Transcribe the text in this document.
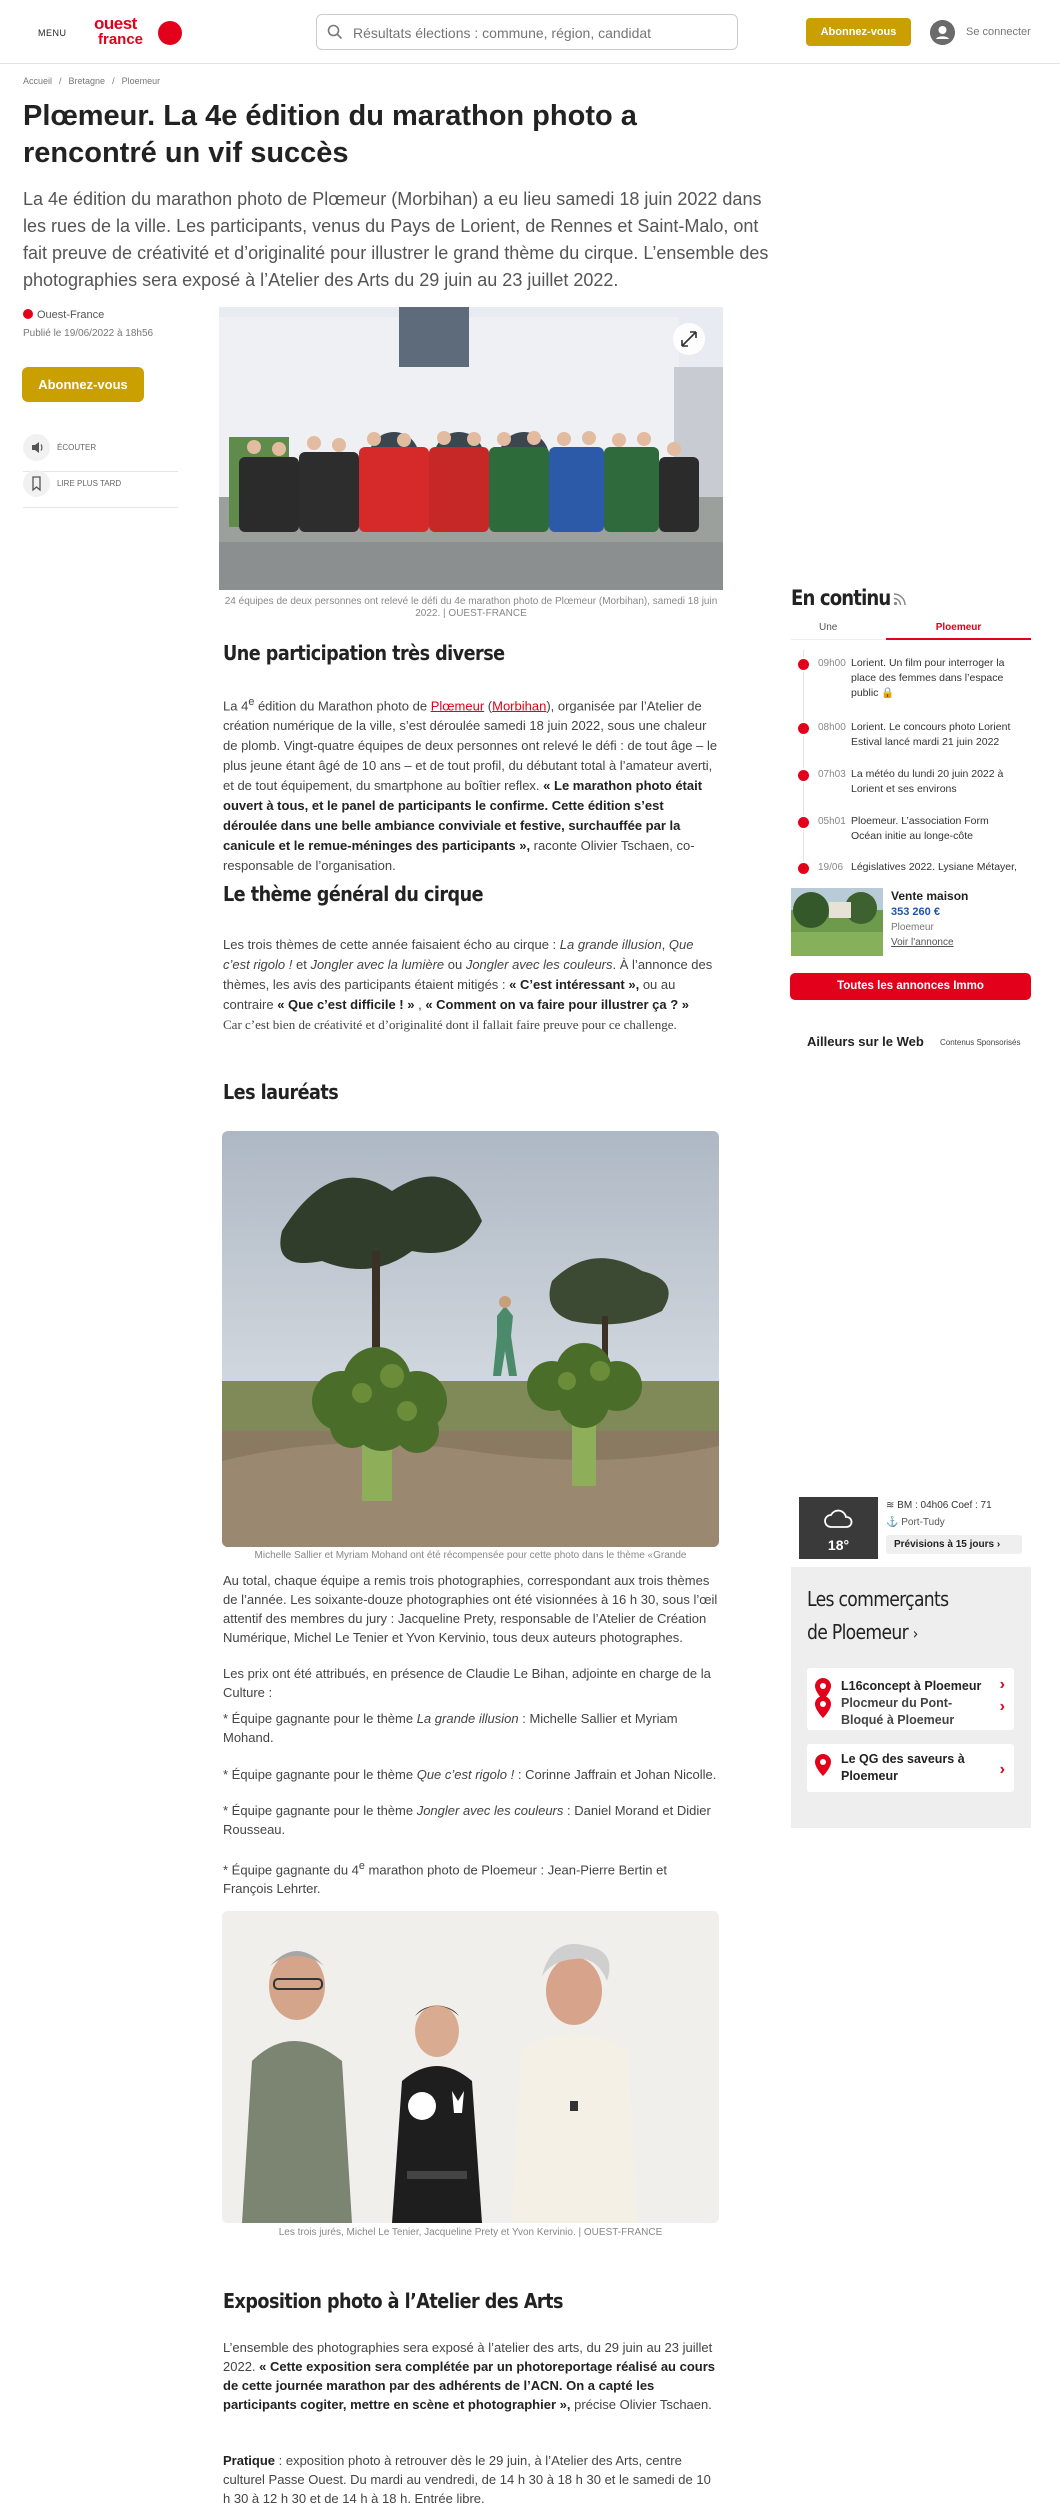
MENU ouest
france
Résultats élections : commune, région, candidat	Abonnez-vous	Se connecter
Accueil / Bretagne / Ploemeur
Plœmeur. La 4e édition du marathon photo a rencontré un vif succès

La 4e édition du marathon photo de Plœmeur (Morbihan) a eu lieu samedi 18 juin 2022 dans les rues de la ville. Les participants, venus du Pays de Lorient, de Rennes et Saint-Malo, ont fait preuve de créativité et d’originalité pour illustrer le grand thème du cirque. L’ensemble des photographies sera exposé à l’Atelier des Arts du 29 juin au 23 juillet 2022.

Ouest-France
Publié le 19/06/2022 à 18h56
Abonnez-vous
ÉCOUTER
LIRE PLUS TARD
24 équipes de deux personnes ont relevé le défi du 4e marathon photo de Plœmeur (Morbihan), samedi 18 juin 2022. | OUEST-FRANCE
Une participation très diverse

La 4e édition du Marathon photo de Plœmeur (Morbihan), organisée par l’Atelier de création numérique de la ville, s’est déroulée samedi 18 juin 2022, sous une chaleur de plomb. Vingt-quatre équipes de deux personnes ont relevé le défi : de tout âge – le plus jeune étant âgé de 10 ans – et de tout profil, du débutant total à l’amateur averti, et de tout équipement, du smartphone au boîtier reflex. « Le marathon photo était ouvert à tous, et le panel de participants le confirme. Cette édition s’est déroulée dans une belle ambiance conviviale et festive, surchauffée par la canicule et le remue-méninges des participants », raconte Olivier Tschaen, co-responsable de l’organisation.

Le thème général du cirque

Les trois thèmes de cette année faisaient écho au cirque : La grande illusion, Que c’est rigolo ! et Jongler avec la lumière ou Jongler avec les couleurs. À l’annonce des thèmes, les avis des participants étaient mitigés : « C’est intéressant », ou au contraire « Que c’est difficile ! » , « Comment on va faire pour illustrer ça ? »
Car c’est bien de créativité et d’originalité dont il fallait faire preuve pour ce challenge.

Les lauréats
Michelle Sallier et Myriam Mohand ont été récompensée pour cette photo dans le thème «Grande

Au total, chaque équipe a remis trois photographies, correspondant aux trois thèmes de l’année. Les soixante-douze photographies ont été visionnées à 16 h 30, sous l’œil attentif des membres du jury : Jacqueline Prety, responsable de l’Atelier de Création Numérique, Michel Le Tenier et Yvon Kervinio, tous deux auteurs photographes.

Les prix ont été attribués, en présence de Claudie Le Bihan, adjointe en charge de la Culture :

* Équipe gagnante pour le thème La grande illusion : Michelle Sallier et Myriam Mohand.

* Équipe gagnante pour le thème Que c’est rigolo ! : Corinne Jaffrain et Johan Nicolle.

* Équipe gagnante pour le thème Jongler avec les couleurs : Daniel Morand et Didier Rousseau.

* Équipe gagnante du 4e marathon photo de Ploemeur : Jean-Pierre Bertin et François Lehrter.

Les trois jurés, Michel Le Tenier, Jacqueline Prety et Yvon Kervinio. | OUEST-FRANCE
Exposition photo à l’Atelier des Arts

L’ensemble des photographies sera exposé à l’atelier des arts, du 29 juin au 23 juillet 2022. « Cette exposition sera complétée par un photoreportage réalisé au cours de cette journée marathon par des adhérents de l’ACN. On a capté les participants cogiter, mettre en scène et photographier », précise Olivier Tschaen.

Pratique : exposition photo à retrouver dès le 29 juin, à l’Atelier des Arts, centre culturel Passe Ouest. Du mardi au vendredi, de 14 h 30 à 18 h 30 et le samedi de 10 h 30 à 12 h 30 et de 14 h à 18 h. Entrée libre.

En continu
Une	Ploemeur
09h00 Lorient. Un film pour interroger la place des femmes dans l’espace public 🔒
08h00 Lorient. Le concours photo Lorient Estival lancé mardi 21 juin 2022
07h03 La météo du lundi 20 juin 2022 à Lorient et ses environs
05h01 Ploemeur. L’association Form Océan initie au longe-côte
19/06 Législatives 2022. Lysiane Métayer,
Vente maison
353 260 €
Ploemeur
Voir l'annonce
Toutes les annonces Immo
Ailleurs sur le Web Contenus Sponsorisés
18°
≋ BM : 04h06 Coef : 71
⚓ Port-Tudy
Prévisions à 15 jours ›
Les commerçants de Ploemeur ›
L16concept à Ploemeur
Plocmeur du Pont-Bloqué à Ploemeur
›
›
Le QG des saveurs à Ploemeur	›
